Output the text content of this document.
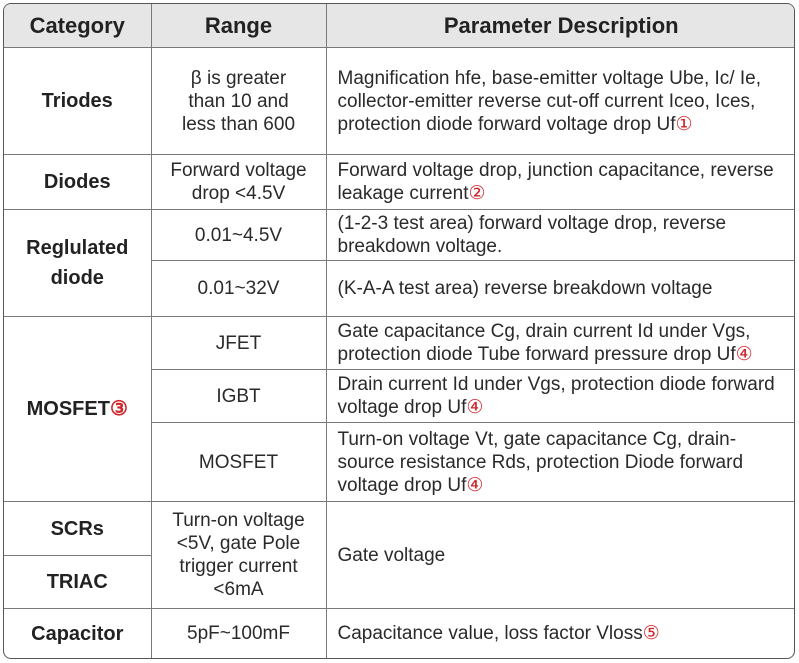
Category	Range	Parameter Description
Triodes	β is greater than 10 and less than 600	Magnification hfe, base-emitter voltage Ube, Ic/ Ie, collector-emitter reverse cut-off current Iceo, Ices, protection diode forward voltage drop Uf①
Diodes	Forward voltage drop <4.5V	Forward voltage drop, junction capacitance, reverse leakage current②

Reglulated diode	0.01~4.5V	(1-2-3 test area) forward voltage drop, reverse breakdown voltage.
	0.01~32V	(K-A-A test area) reverse breakdown voltage
MOSFET③	JFET	Gate capacitance Cg, drain current Id under Vgs, protection diode Tube forward pressure drop Uf④
	IGBT	Drain current Id under Vgs, protection diode forward voltage drop Uf④
	MOSFET	Turn-on voltage Vt, gate capacitance Cg, drain-source resistance Rds, protection Diode forward voltage drop Uf④
SCRs	Turn-on voltage <5V, gate Pole trigger current <6mA	Gate voltage
TRIAC		
Capacitor	5pF~100mF	Capacitance value, loss factor Vloss⑤
